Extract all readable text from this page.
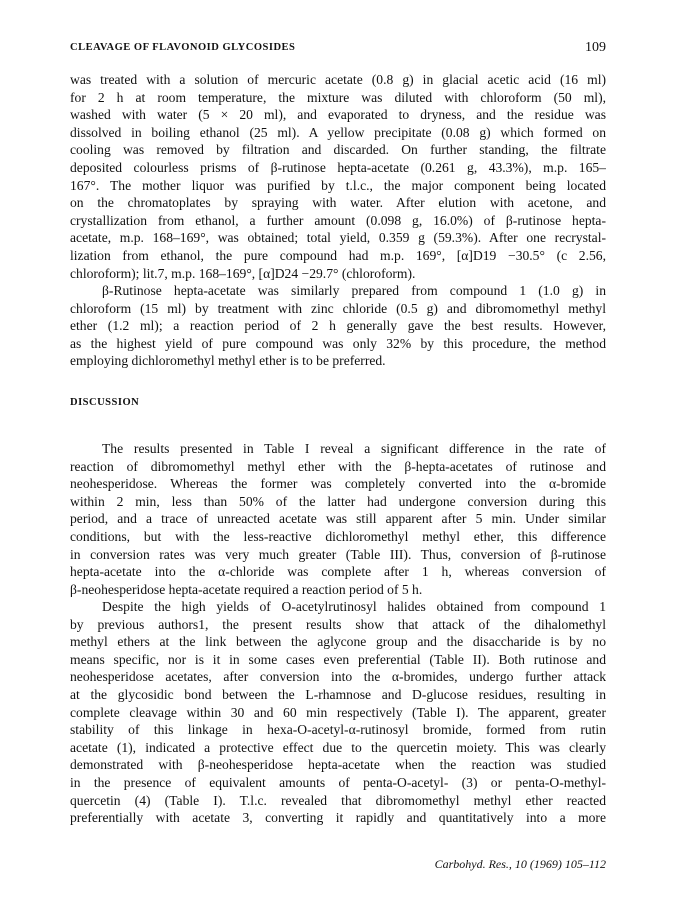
CLEAVAGE OF FLAVONOID GLYCOSIDES	109
was treated with a solution of mercuric acetate (0.8 g) in glacial acetic acid (16 ml)
for 2 h at room temperature, the mixture was diluted with chloroform (50 ml),
washed with water (5 × 20 ml), and evaporated to dryness, and the residue was
dissolved in boiling ethanol (25 ml). A yellow precipitate (0.08 g) which formed on
cooling was removed by filtration and discarded. On further standing, the filtrate
deposited colourless prisms of β-rutinose hepta-acetate (0.261 g, 43.3%), m.p. 165–
167°. The mother liquor was purified by t.l.c., the major component being located
on the chromatoplates by spraying with water. After elution with acetone, and
crystallization from ethanol, a further amount (0.098 g, 16.0%) of β-rutinose hepta-
acetate, m.p. 168–169°, was obtained; total yield, 0.359 g (59.3%). After one recrystal-
lization from ethanol, the pure compound had m.p. 169°, [α]D19 −30.5° (c 2.56,
chloroform); lit.7, m.p. 168–169°, [α]D24 −29.7° (chloroform).
β-Rutinose hepta-acetate was similarly prepared from compound 1 (1.0 g) in
chloroform (15 ml) by treatment with zinc chloride (0.5 g) and dibromomethyl methyl
ether (1.2 ml); a reaction period of 2 h generally gave the best results. However,
as the highest yield of pure compound was only 32% by this procedure, the method
employing dichloromethyl methyl ether is to be preferred.
DISCUSSION
The results presented in Table I reveal a significant difference in the rate of
reaction of dibromomethyl methyl ether with the β-hepta-acetates of rutinose and
neohesperidose. Whereas the former was completely converted into the α-bromide
within 2 min, less than 50% of the latter had undergone conversion during this
period, and a trace of unreacted acetate was still apparent after 5 min. Under similar
conditions, but with the less-reactive dichloromethyl methyl ether, this difference
in conversion rates was very much greater (Table III). Thus, conversion of β-rutinose
hepta-acetate into the α-chloride was complete after 1 h, whereas conversion of
β-neohesperidose hepta-acetate required a reaction period of 5 h.
Despite the high yields of O-acetylrutinosyl halides obtained from compound 1
by previous authors1, the present results show that attack of the dihalomethyl
methyl ethers at the link between the aglycone group and the disaccharide is by no
means specific, nor is it in some cases even preferential (Table II). Both rutinose and
neohesperidose acetates, after conversion into the α-bromides, undergo further attack
at the glycosidic bond between the L-rhamnose and D-glucose residues, resulting in
complete cleavage within 30 and 60 min respectively (Table I). The apparent, greater
stability of this linkage in hexa-O-acetyl-α-rutinosyl bromide, formed from rutin
acetate (1), indicated a protective effect due to the quercetin moiety. This was clearly
demonstrated with β-neohesperidose hepta-acetate when the reaction was studied
in the presence of equivalent amounts of penta-O-acetyl- (3) or penta-O-methyl-
quercetin (4) (Table I). T.l.c. revealed that dibromomethyl methyl ether reacted
preferentially with acetate 3, converting it rapidly and quantitatively into a more
Carbohyd. Res., 10 (1969) 105–112
